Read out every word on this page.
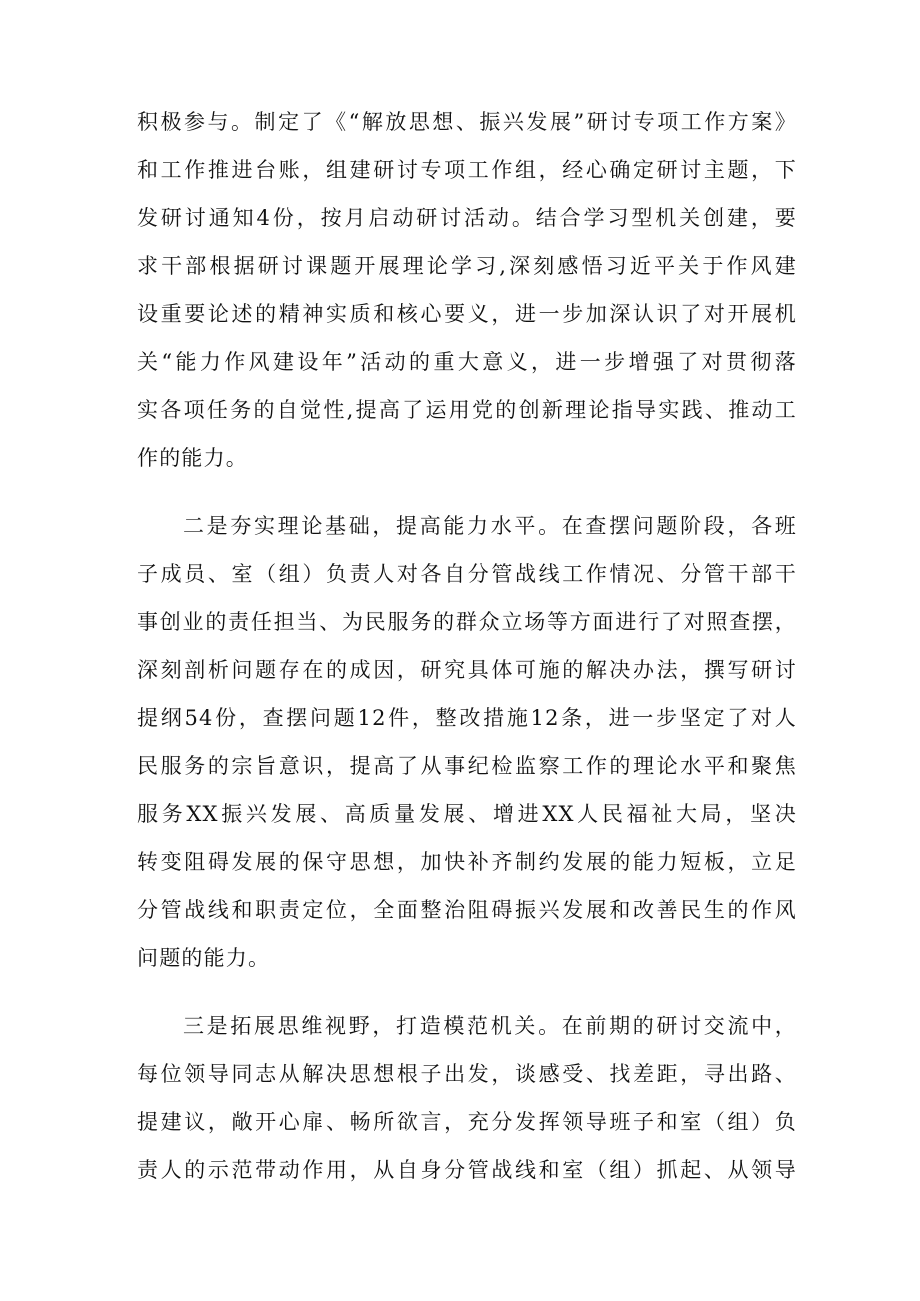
积极参与。制定了《“解放思想、振兴发展”研讨专项工作方案》
和工作推进台账，组建研讨专项工作组，经心确定研讨主题，下
发研讨通知4份，按月启动研讨活动。结合学习型机关创建，要
求干部根据研讨课题开展理论学习,深刻感悟习近平关于作风建
设重要论述的精神实质和核心要义，进一步加深认识了对开展机
关“能力作风建设年”活动的重大意义，进一步增强了对贯彻落
实各项任务的自觉性,提高了运用党的创新理论指导实践、推动工
作的能力。
二是夯实理论基础，提高能力水平。在查摆问题阶段，各班
子成员、室（组）负责人对各自分管战线工作情况、分管干部干
事创业的责任担当、为民服务的群众立场等方面进行了对照查摆，
深刻剖析问题存在的成因，研究具体可施的解决办法，撰写研讨
提纲54份，查摆问题12件，整改措施12条，进一步坚定了对人
民服务的宗旨意识，提高了从事纪检监察工作的理论水平和聚焦
服务XX振兴发展、高质量发展、增进XX人民福祉大局，坚决
转变阻碍发展的保守思想，加快补齐制约发展的能力短板，立足
分管战线和职责定位，全面整治阻碍振兴发展和改善民生的作风
问题的能力。
三是拓展思维视野，打造模范机关。在前期的研讨交流中，
每位领导同志从解决思想根子出发，谈感受、找差距，寻出路、
提建议，敞开心扉、畅所欲言，充分发挥领导班子和室（组）负
责人的示范带动作用，从自身分管战线和室（组）抓起、从领导
